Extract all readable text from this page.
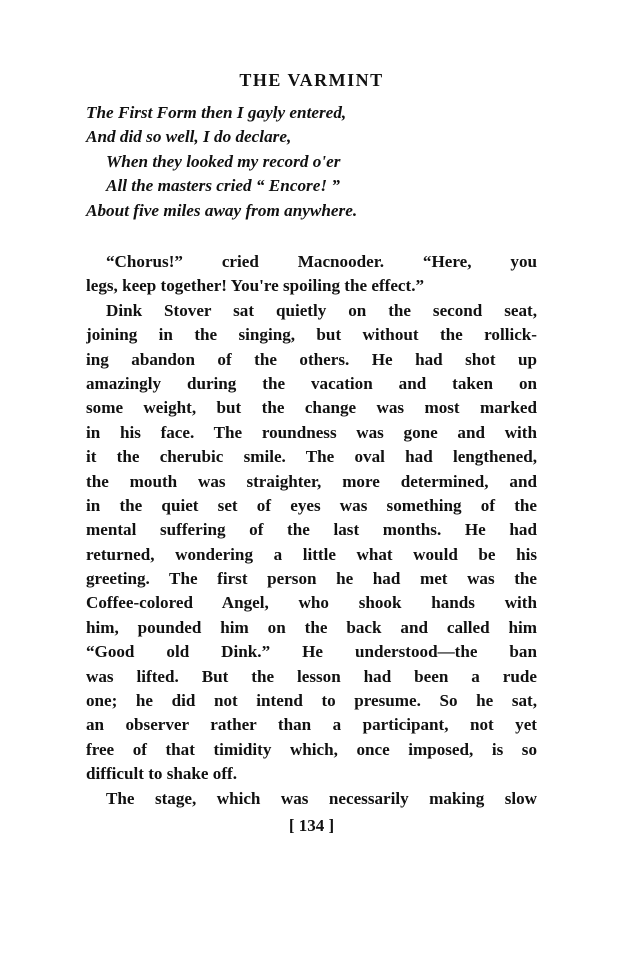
THE VARMINT
The First Form then I gayly entered,
And did so well, I do declare,
When they looked my record o'er
All the masters cried “ Encore! ”
About five miles away from anywhere.
“Chorus!” cried Macnooder. “Here, you
legs, keep together! You're spoiling the effect.”
Dink Stover sat quietly on the second seat,
joining in the singing, but without the rollick-
ing abandon of the others. He had shot up
amazingly during the vacation and taken on
some weight, but the change was most marked
in his face. The roundness was gone and with
it the cherubic smile. The oval had lengthened,
the mouth was straighter, more determined, and
in the quiet set of eyes was something of the
mental suffering of the last months. He had
returned, wondering a little what would be his
greeting. The first person he had met was the
Coffee-colored Angel, who shook hands with
him, pounded him on the back and called him
“Good old Dink.” He understood—the ban
was lifted. But the lesson had been a rude
one; he did not intend to presume. So he sat,
an observer rather than a participant, not yet
free of that timidity which, once imposed, is so
difficult to shake off.
The stage, which was necessarily making slow
[ 134 ]
